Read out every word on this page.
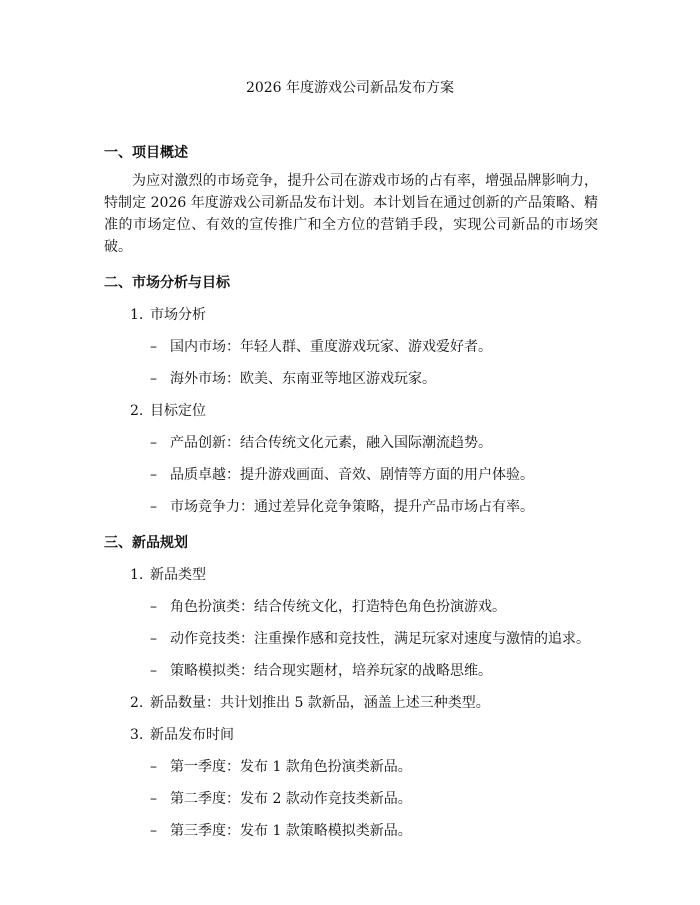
2026 年度游戏公司新品发布方案
一、项目概述

为应对激烈的市场竞争，提升公司在游戏市场的占有率，增强品牌影响力，特制定 2026 年度游戏公司新品发布计划。本计划旨在通过创新的产品策略、精准的市场定位、有效的宣传推广和全方位的营销手段，实现公司新品的市场突破。

二、市场分析与目标
1. 市场分析
– 国内市场：年轻人群、重度游戏玩家、游戏爱好者。
– 海外市场：欧美、东南亚等地区游戏玩家。
2. 目标定位
– 产品创新：结合传统文化元素，融入国际潮流趋势。
– 品质卓越：提升游戏画面、音效、剧情等方面的用户体验。
– 市场竞争力：通过差异化竞争策略，提升产品市场占有率。
三、新品规划
1. 新品类型
– 角色扮演类：结合传统文化，打造特色角色扮演游戏。
– 动作竞技类：注重操作感和竞技性，满足玩家对速度与激情的追求。
– 策略模拟类：结合现实题材，培养玩家的战略思维。
2. 新品数量：共计划推出 5 款新品，涵盖上述三种类型。
3. 新品发布时间
– 第一季度：发布 1 款角色扮演类新品。
– 第二季度：发布 2 款动作竞技类新品。
– 第三季度：发布 1 款策略模拟类新品。
